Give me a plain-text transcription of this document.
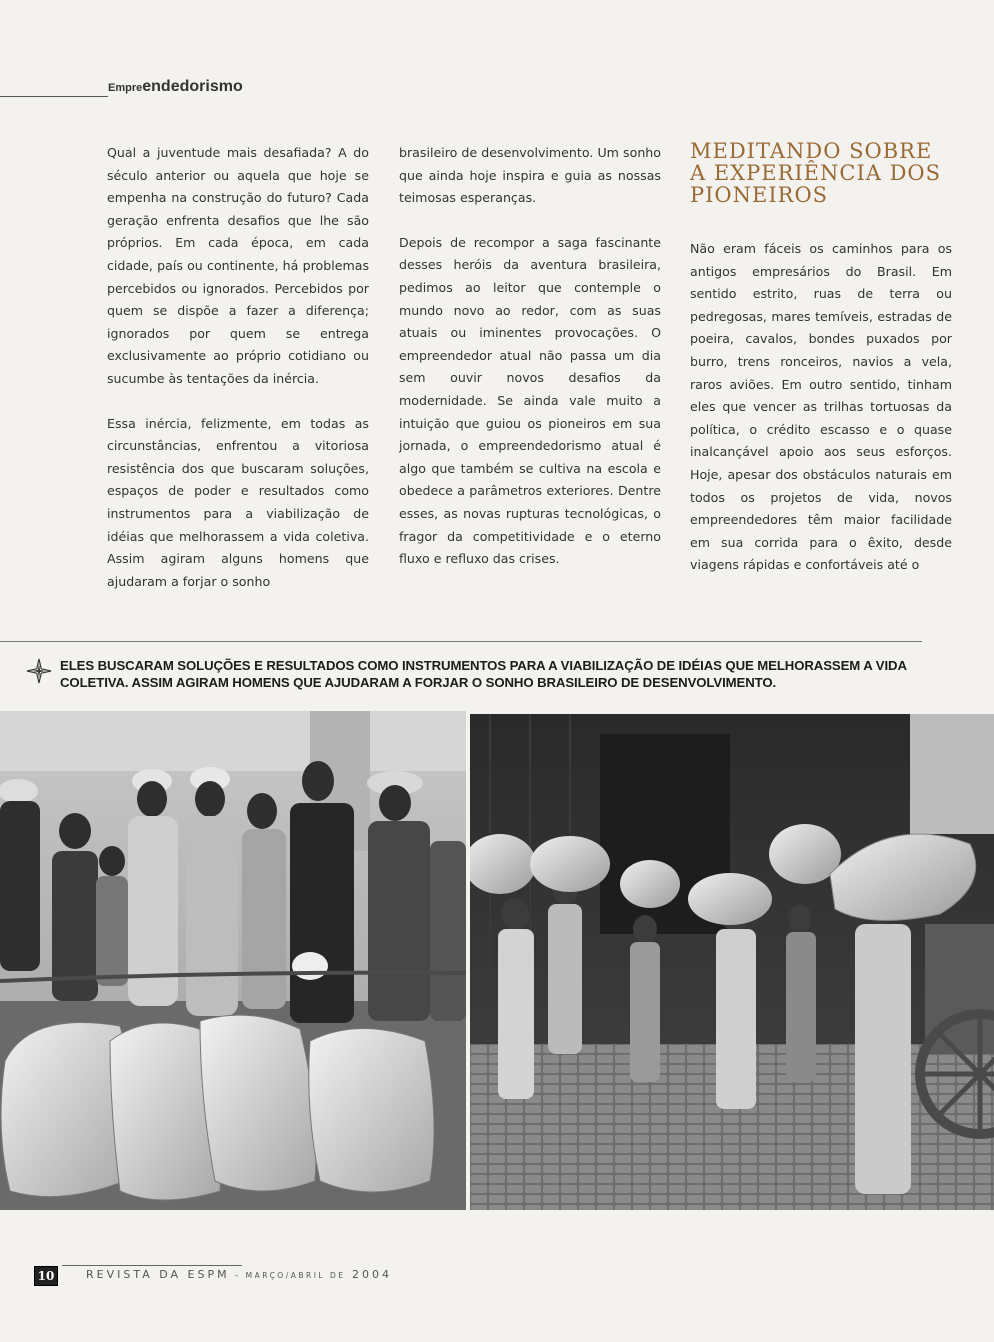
Empreendedorismo

Qual a juventude mais desafiada? A do século anterior ou aquela que hoje se empenha na construção do futuro? Cada geração enfrenta desafios que lhe são próprios. Em cada época, em cada cidade, país ou continente, há problemas percebidos ou ignorados. Percebidos por quem se dispõe a fazer a diferença; ignorados por quem se entrega exclusivamente ao próprio cotidiano ou sucumbe às tentações da inércia.

Essa inércia, felizmente, em todas as circunstâncias, enfrentou a vitoriosa resistência dos que buscaram soluções, espaços de poder e resultados como instrumentos para a viabilização de idéias que melhorassem a vida coletiva. Assim agiram alguns homens que ajudaram a forjar o sonho

brasileiro de desenvolvimento. Um sonho que ainda hoje inspira e guia as nossas teimosas esperanças.

Depois de recompor a saga fascinante desses heróis da aventura brasileira, pedimos ao leitor que contemple o mundo novo ao redor, com as suas atuais ou iminentes provocações. O empreendedor atual não passa um dia sem ouvir novos desafios da modernidade. Se ainda vale muito a intuição que guiou os pioneiros em sua jornada, o empreendedorismo atual é algo que também se cultiva na escola e obedece a parâmetros exteriores. Dentre esses, as novas rupturas tecnológicas, o fragor da competitividade e o eterno fluxo e refluxo das crises.

MEDITANDO SOBRE A EXPERIÊNCIA DOS PIONEIROS

Não eram fáceis os caminhos para os antigos empresários do Brasil. Em sentido estrito, ruas de terra ou pedregosas, mares temíveis, estradas de poeira, cavalos, bondes puxados por burro, trens ronceiros, navios a vela, raros aviões. Em outro sentido, tinham eles que vencer as trilhas tortuosas da política, o crédito escasso e o quase inalcançável apoio aos seus esforços. Hoje, apesar dos obstáculos naturais em todos os projetos de vida, novos empreendedores têm maior facilidade em sua corrida para o êxito, desde viagens rápidas e confortáveis até o

ELES BUSCARAM SOLUÇÕES E RESULTADOS COMO INSTRUMENTOS PARA A VIABILIZAÇÃO DE IDÉIAS QUE MELHORASSEM A VIDA COLETIVA. ASSIM AGIRAM HOMENS QUE AJUDARAM A FORJAR O SONHO BRASILEIRO DE DESENVOLVIMENTO.
10	REVISTA DA ESPM – MARÇO/ABRIL DE 2004
